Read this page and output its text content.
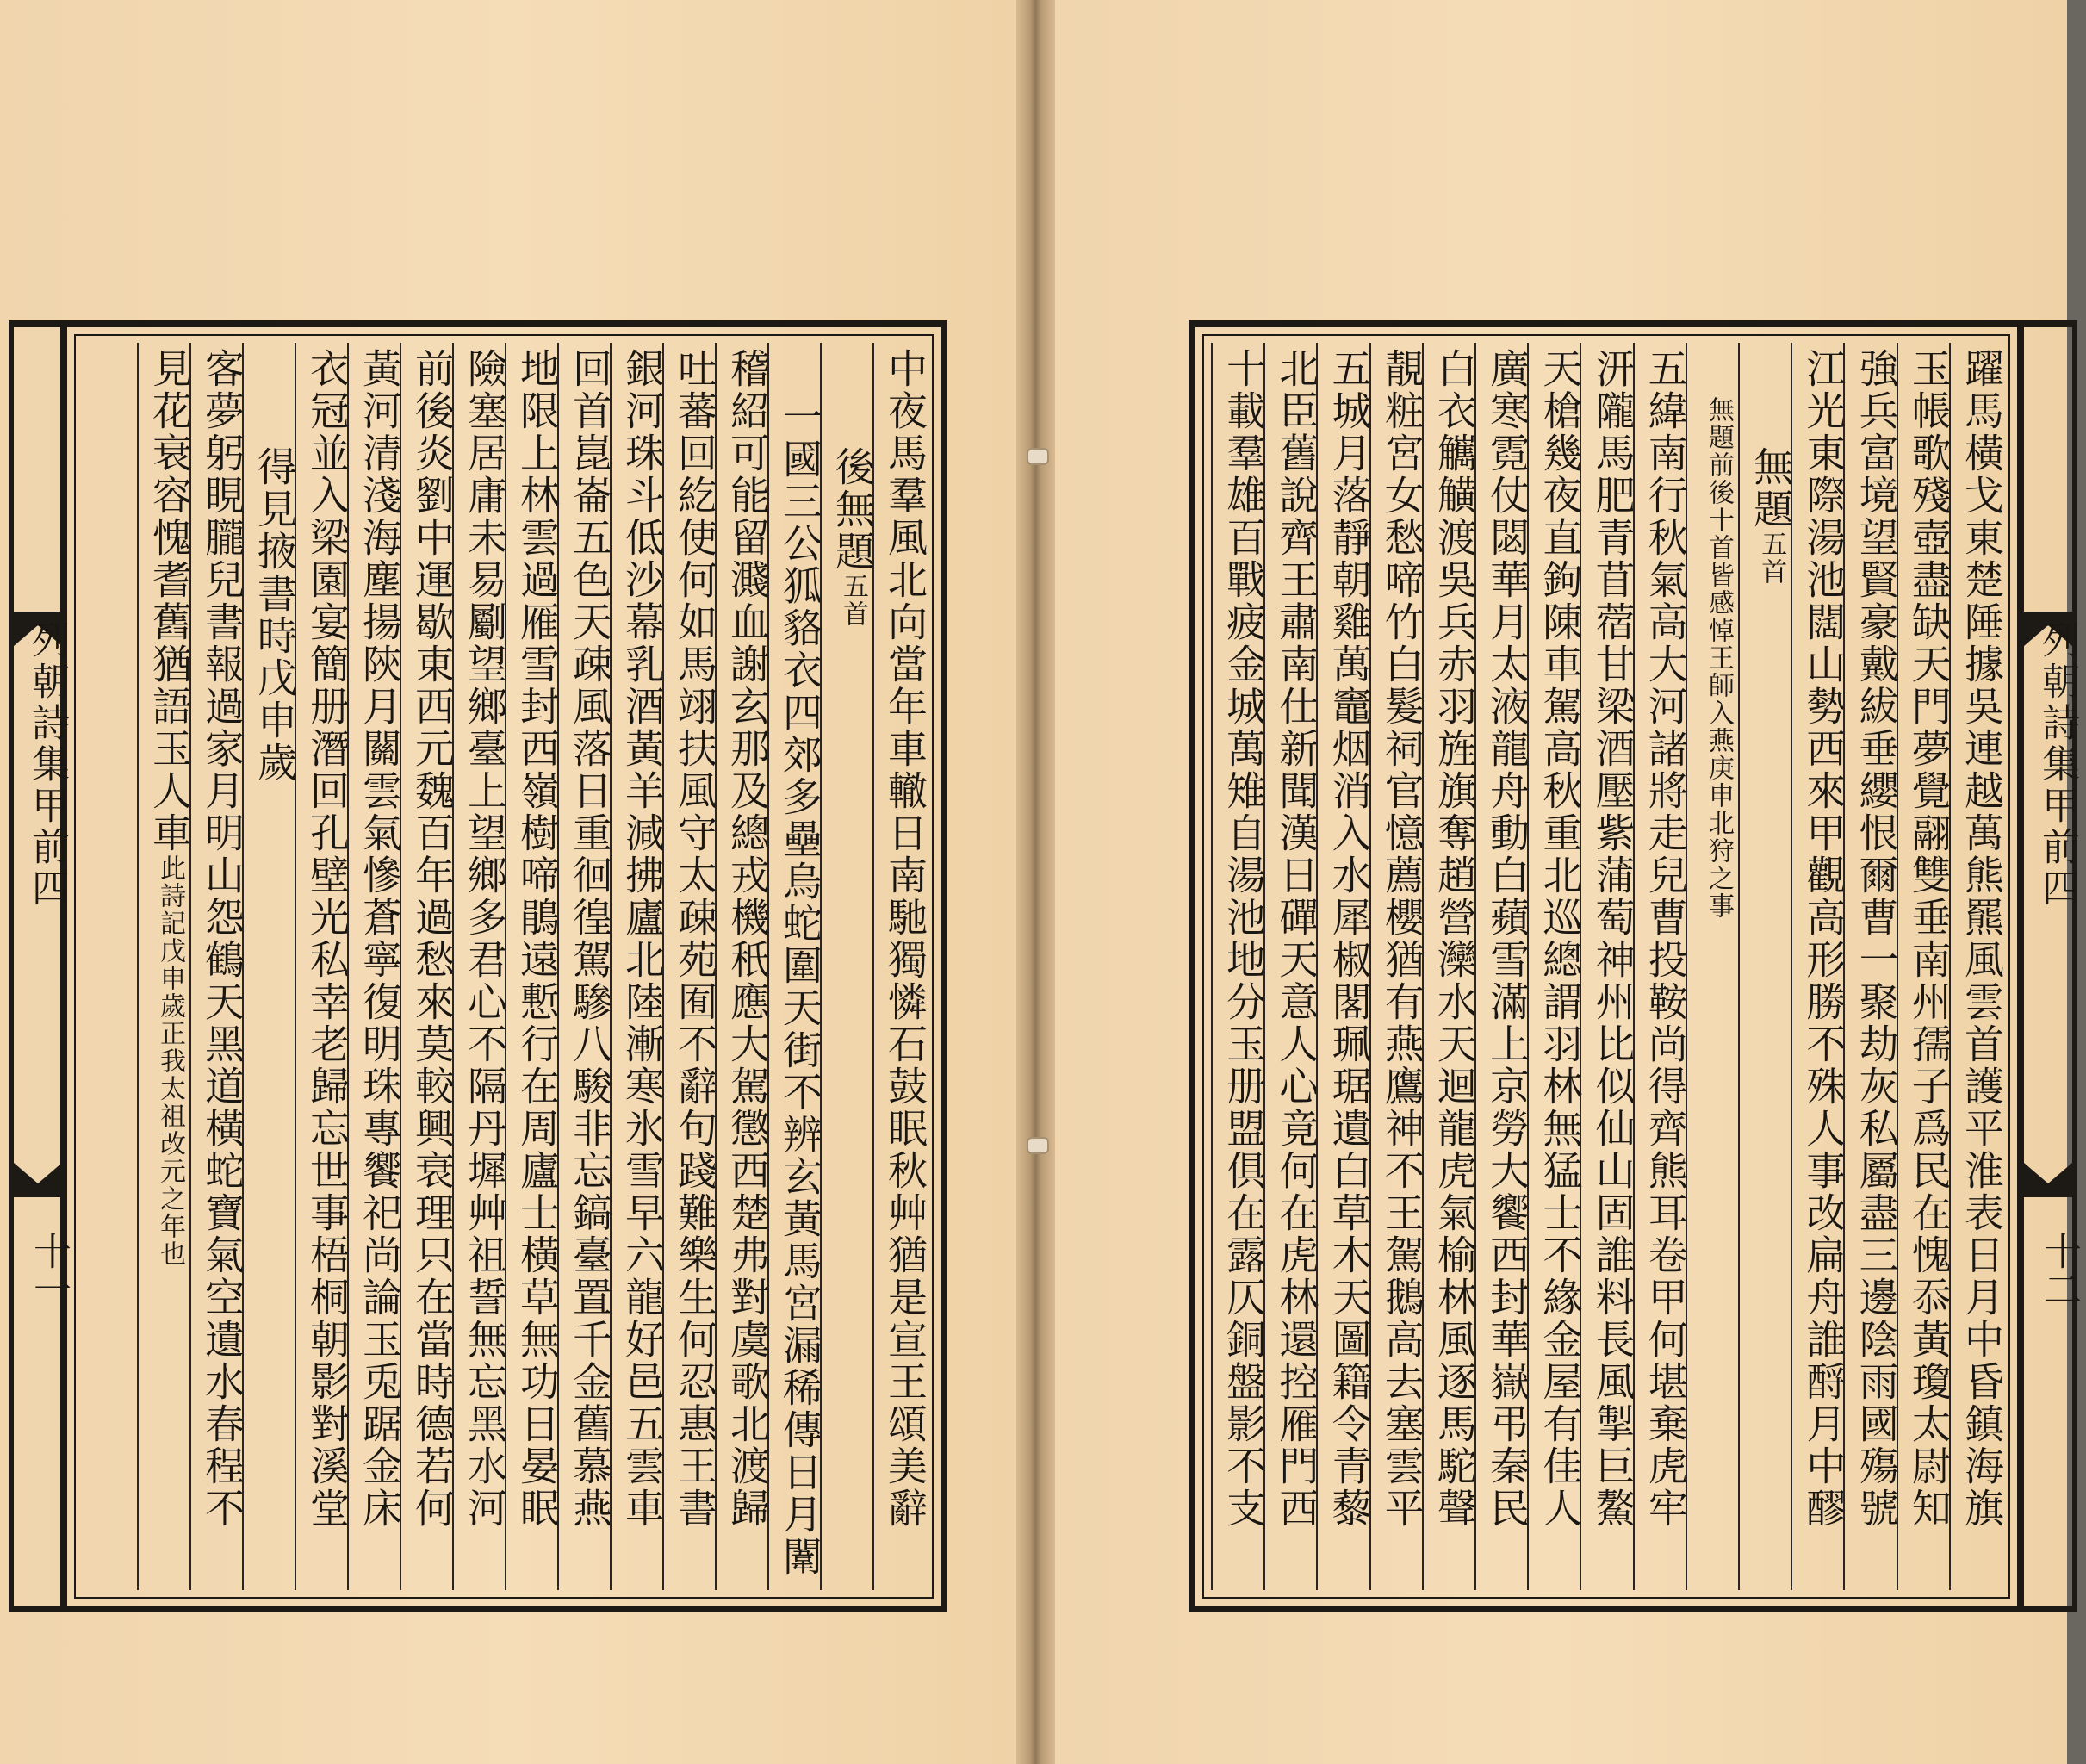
中夜馬羣風北向當年車轍日南馳獨憐石鼓眠秋艸猶是宣王頌美辭
後無題五首
一國三公狐貉衣四郊多壘烏蛇圍天街不辨玄黃馬宮漏稀傳日月闈
稽紹可能留濺血謝玄那及總戎機秖應大駕懲西楚弗對虞歌北渡歸
吐蕃回紇使何如馬翊扶風守太疎苑囿不辭句踐難樂生何忍惠王書
銀河珠斗低沙幕乳酒黃羊減拂廬北陸漸寒氷雪早六龍好邑五雲車
回首崑崙五色天疎風落日重徊徨駕驂八駿非忘鎬臺置千金舊慕燕
地限上林雲過雁雪封西嶺樹啼鵑遠慙行在周廬士橫草無功日晏眠
險塞居庸未易劚望鄉臺上望鄉多君心不隔丹墀艸祖誓無忘黑水河
前後炎劉中運歇東西元魏百年過愁來莫較興衰理只在當時德若何
黃河清淺海塵揚陝月關雲氣慘蒼寧復明珠專饗祀尚論玉兎踞金床
衣冠並入梁園宴簡册潛回孔壁光私幸老歸忘世事梧桐朝影對溪堂
得見掖書時戊申歲
客夢躬睍朧兒書報過家月明山怨鶴天黑道橫蛇寶氣空遺水春程不
見花衰容愧耆舊猶語玉人車此詩記戊申歲正我太祖改元之年也
列朝詩集甲前四
十一	躍馬橫戈東楚陲據吳連越萬熊羆風雲首護平淮表日月中昏鎮海旗
玉帳歌殘壺盡缺天門夢覺翮雙垂南州孺子爲民在愧忝黃瓊太尉知
強兵富境望賢豪戴紱垂纓恨爾曹一聚劫灰私屬盡三邊陰雨國殤號
江光東際湯池闊山勢西來甲觀高形勝不殊人事改扁舟誰酹月中醪
無題五首
無題前後十首皆感悼王師入燕庚申北狩之事
五緯南行秋氣高大河諸將走兒曹投鞍尚得齊熊耳卷甲何堪棄虎牢
汧隴馬肥青苜蓿甘梁酒壓紫蒲萄神州比似仙山固誰料長風掣巨鰲
天槍幾夜直鉤陳車駕高秋重北巡總謂羽林無猛士不緣金屋有佳人
廣寒霓仗閟華月太液龍舟動白蘋雪滿上京勞大饗西封華嶽弔秦民
白衣觽觵渡吳兵赤羽旌旗奪趙營灤水天迴龍虎氣榆林風逐馬駝聲
靚粧宮女愁啼竹白髮祠官憶薦櫻猶有燕鷹神不王駕鵝高去塞雲平
五城月落靜朝雞萬竈烟消入水犀椒閣珮琚遺白草木天圖籍令青藜
北臣舊說齊王肅南仕新聞漢日磾天意人心竟何在虎林還控雁門西
十載羣雄百戰疲金城萬雉自湯池地分玉册盟俱在露仄銅盤影不支	列朝詩集甲前四
十二
